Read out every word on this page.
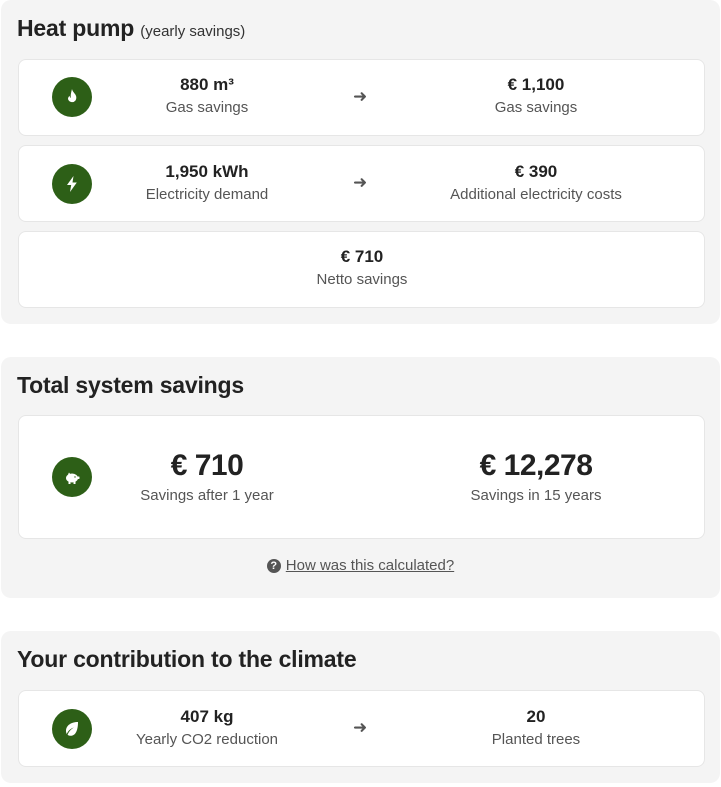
Heat pump (yearly savings)
880 m³
Gas savings
➜
€ 1,100
Gas savings
1,950 kWh
Electricity demand
➜
€ 390
Additional electricity costs
€ 710
Netto savings
Total system savings
€ 710
Savings after 1 year
€ 12,278
Savings in 15 years
? How was this calculated?
Your contribution to the climate
407 kg
Yearly CO2 reduction
➜
20
Planted trees
